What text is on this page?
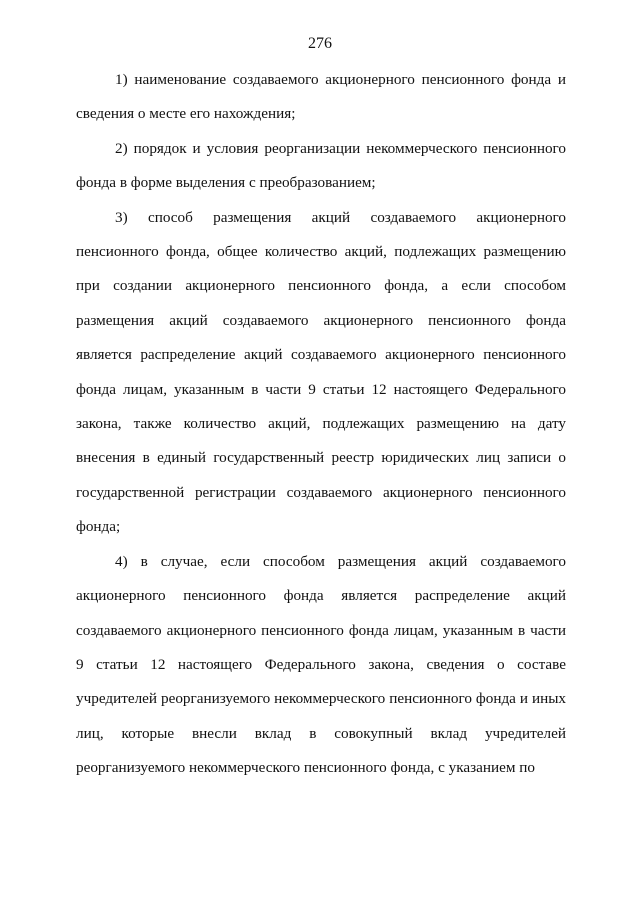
276

1) наименование создаваемого акционерного пенсионного фонда и сведения о месте его нахождения;

2) порядок и условия реорганизации некоммерческого пенсионного фонда в форме выделения с преобразованием;

3) способ размещения акций создаваемого акционерного пенсионного фонда, общее количество акций, подлежащих размещению при создании акционерного пенсионного фонда, а если способом размещения акций создаваемого акционерного пенсионного фонда является распределение акций создаваемого акционерного пенсионного фонда лицам, указанным в части 9 статьи 12 настоящего Федерального закона, также количество акций, подлежащих размещению на дату внесения в единый государственный реестр юридических лиц записи о государственной регистрации создаваемого акционерного пенсионного фонда;

4) в случае, если способом размещения акций создаваемого акционерного пенсионного фонда является распределение акций создаваемого акционерного пенсионного фонда лицам, указанным в части 9 статьи 12 настоящего Федерального закона, сведения о составе учредителей реорганизуемого некоммерческого пенсионного фонда и иных лиц, которые внесли вклад в совокупный вклад учредителей реорганизуемого некоммерческого пенсионного фонда, с указанием по
